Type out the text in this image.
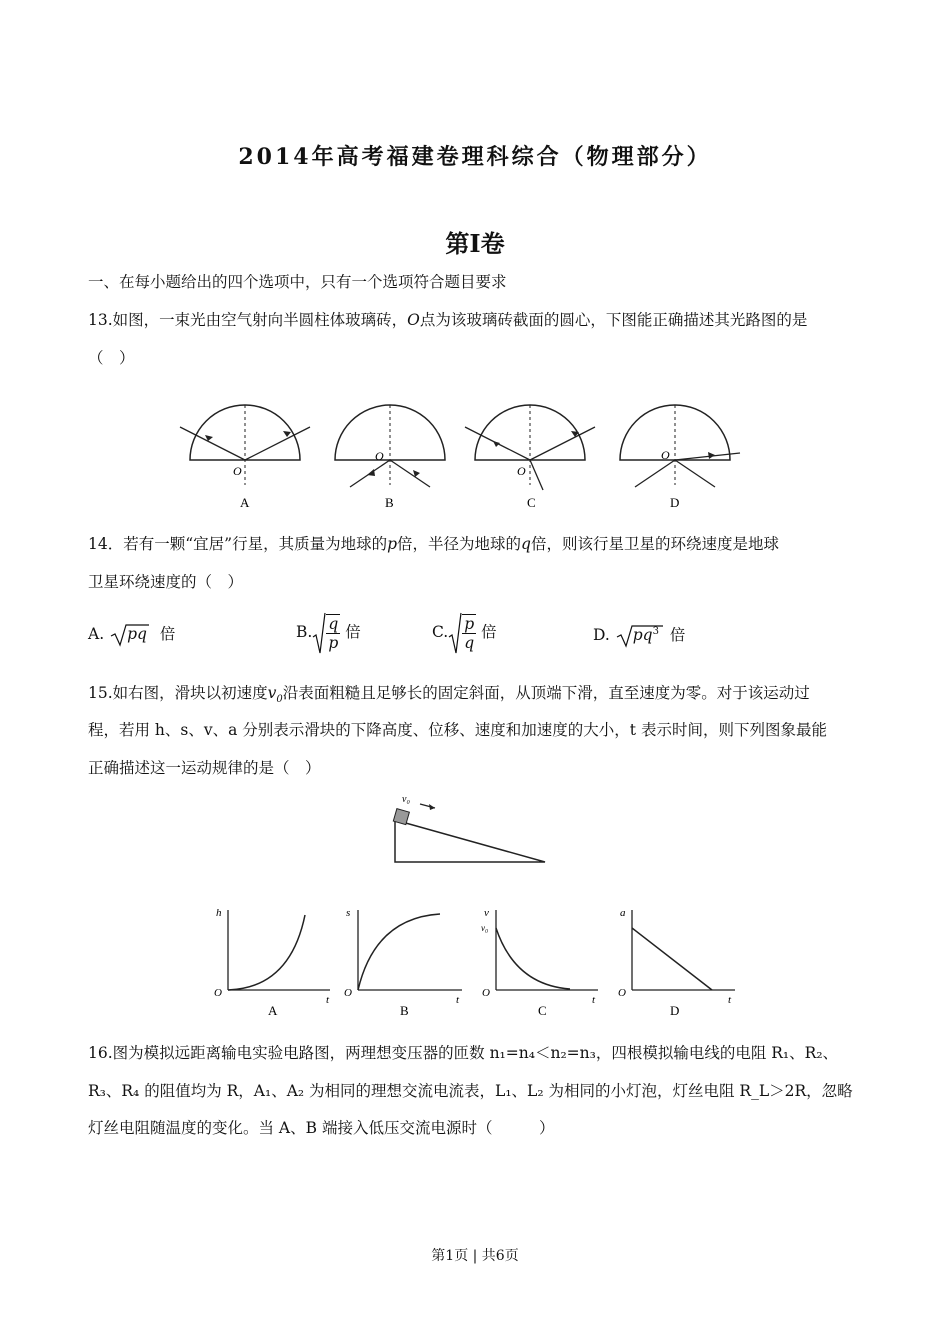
2014年高考福建卷理科综合（物理部分）
第I卷
一、在每小题给出的四个选项中，只有一个选项符合题目要求
13.如图，一束光由空气射向半圆柱体玻璃砖，O点为该玻璃砖截面的圆心，下图能正确描述其光路图的是
（　）
O
A
O
B
O
C
O
D
14．若有一颗“宜居”行星，其质量为地球的p倍，半径为地球的q倍，则该行星卫星的环绕速度是地球
卫星环绕速度的（　）
A. pq 倍	B. $\frac{q}{p}$ 倍	C. $\frac{p}{q}$ 倍	D. $pq^3$ 倍
15.如右图，滑块以初速度$v_0$沿表面粗糙且足够长的固定斜面，从顶端下滑，直至速度为零。对于该运动过
程，若用 h、s、v、a 分别表示滑块的下降高度、位移、速度和加速度的大小，t 表示时间，则下列图象最能
正确描述这一运动规律的是（　）
v₀
h
t
O
A
s
t
O
B
v
v₀
t
O
C
a
t
O
D
16.图为模拟远距离输电实验电路图，两理想变压器的匝数 n₁=n₄＜n₂=n₃，四根模拟输电线的电阻 R₁、R₂、
R₃、R₄ 的阻值均为 R，A₁、A₂ 为相同的理想交流电流表，L₁、L₂ 为相同的小灯泡，灯丝电阻 R_L＞2R，忽略
灯丝电阻随温度的变化。当 A、B 端接入低压交流电源时（　　　）
第1页 | 共6页
